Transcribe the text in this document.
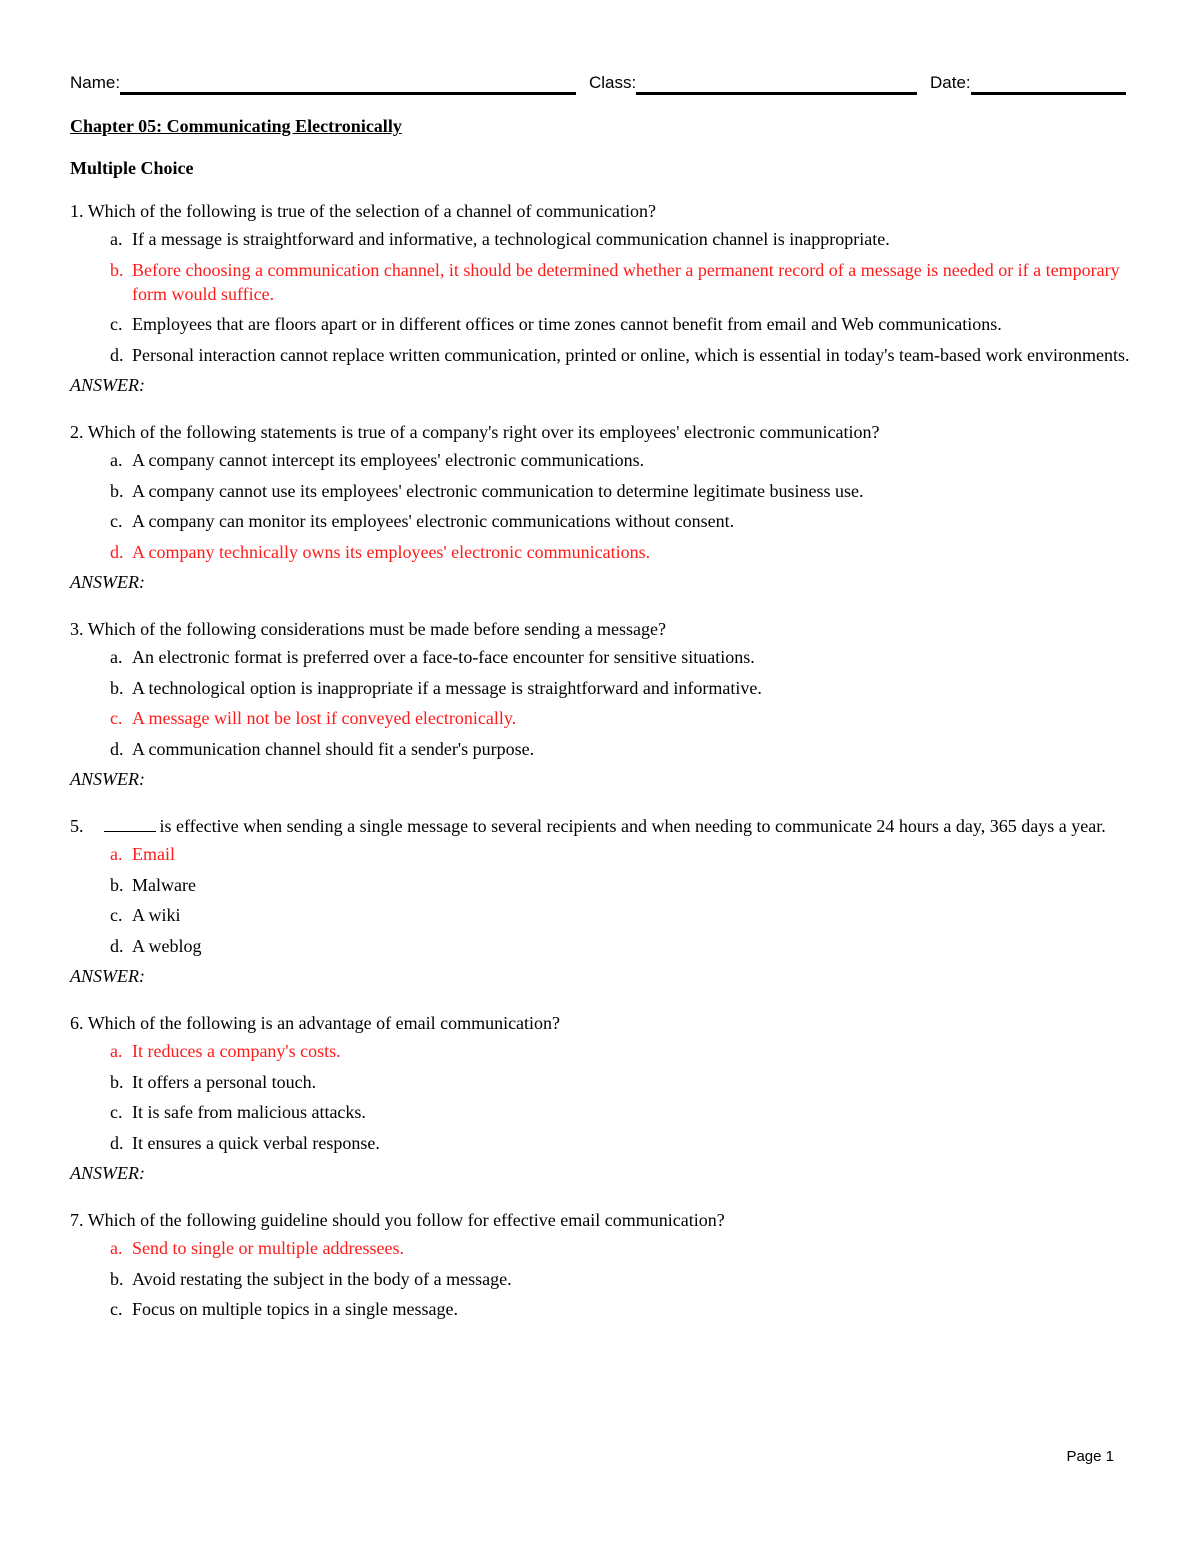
Name:	Class:	Date:
Chapter 05: Communicating Electronically
Multiple Choice
1. Which of the following is true of the selection of a channel of communication?
a. If a message is straightforward and informative, a technological communication channel is inappropriate.
b. Before choosing a communication channel, it should be determined whether a permanent record of a message is needed or if a temporary form would suffice.
c. Employees that are floors apart or in different offices or time zones cannot benefit from email and Web communications.
d. Personal interaction cannot replace written communication, printed or online, which is essential in today's team-based work environments.
ANSWER:
2. Which of the following statements is true of a company's right over its employees' electronic communication?
a. A company cannot intercept its employees' electronic communications.
b. A company cannot use its employees' electronic communication to determine legitimate business use.
c. A company can monitor its employees' electronic communications without consent.
d. A company technically owns its employees' electronic communications.
ANSWER:
3. Which of the following considerations must be made before sending a message?
a. An electronic format is preferred over a face-to-face encounter for sensitive situations.
b. A technological option is inappropriate if a message is straightforward and informative.
c. A message will not be lost if conveyed electronically.
d. A communication channel should fit a sender's purpose.
ANSWER:
5.	is effective when sending a single message to several recipients and when needing to communicate 24 hours a day, 365 days a year.
a. Email
b. Malware
c. A wiki
d. A weblog
ANSWER:
6. Which of the following is an advantage of email communication?
a. It reduces a company's costs.
b. It offers a personal touch.
c. It is safe from malicious attacks.
d. It ensures a quick verbal response.
ANSWER:
7. Which of the following guideline should you follow for effective email communication?
a. Send to single or multiple addressees.
b. Avoid restating the subject in the body of a message.
c. Focus on multiple topics in a single message.
Page 1
